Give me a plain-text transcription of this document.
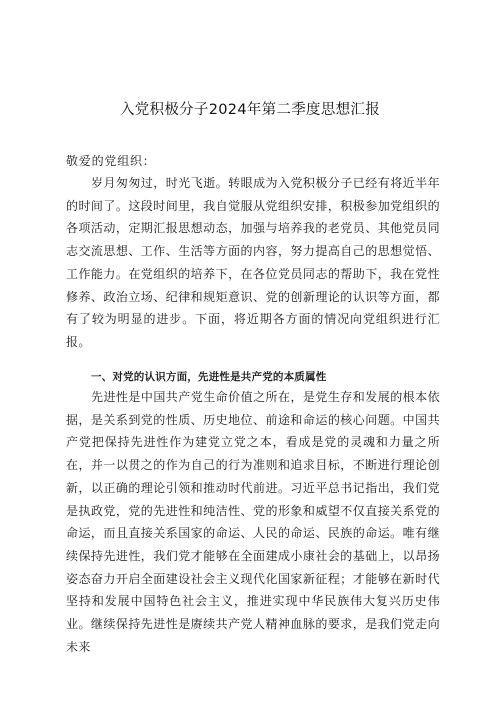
入党积极分子2024年第二季度思想汇报
敬爱的党组织：

岁月匆匆过，时光飞逝。转眼成为入党积极分子已经有将近半年的时间了。这段时间里，我自觉服从党组织安排，积极参加党组织的各项活动，定期汇报思想动态，加强与培养我的老党员、其他党员同志交流思想、工作、生活等方面的内容，努力提高自己的思想觉悟、工作能力。在党组织的培养下，在各位党员同志的帮助下，我在党性修养、政治立场、纪律和规矩意识、党的创新理论的认识等方面，都有了较为明显的进步。下面，将近期各方面的情况向党组织进行汇报。

一、对党的认识方面，先进性是共产党的本质属性

先进性是中国共产党生命价值之所在，是党生存和发展的根本依据，是关系到党的性质、历史地位、前途和命运的核心问题。中国共产党把保持先进性作为建党立党之本，看成是党的灵魂和力量之所在，并一以贯之的作为自己的行为准则和追求目标，不断进行理论创新，以正确的理论引领和推动时代前进。习近平总书记指出，我们党是执政党，党的先进性和纯洁性、党的形象和威望不仅直接关系党的命运，而且直接关系国家的命运、人民的命运、民族的命运。唯有继续保持先进性，我们党才能够在全面建成小康社会的基础上，以昂扬姿态奋力开启全面建设社会主义现代化国家新征程；才能够在新时代坚持和发展中国特色社会主义，推进实现中华民族伟大复兴历史伟业。继续保持先进性是赓续共产党人精神血脉的要求，是我们党走向未来
